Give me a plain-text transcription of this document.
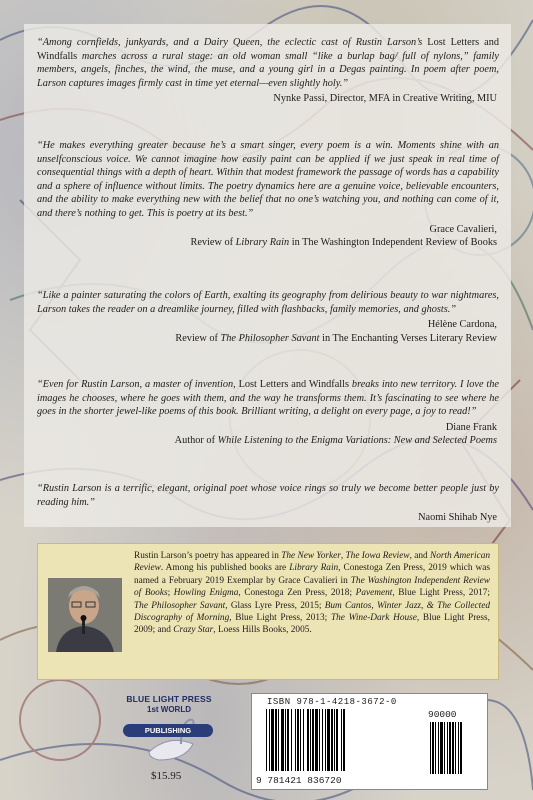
“Among cornfields, junkyards, and a Dairy Queen, the eclectic cast of Rustin Larson’s Lost Letters and Windfalls marches across a rural stage: an old woman small “like a burlap bag/ full of nylons,” family members, angels, finches, the wind, the muse, and a young girl in a Degas painting. In poem after poem, Larson captures images firmly cast in time yet eternal—even slightly holy.”

Nynke Passi, Director, MFA in Creative Writing, MIU

“He makes everything greater because he’s a smart singer, every poem is a win. Moments shine with an unselfconscious voice. We cannot imagine how easily paint can be applied if we just speak in real time of consequential things with a depth of heart. Within that modest framework the passage of words has a capability and a sphere of influence without limits. The poetry dynamics here are a genuine voice, believable encounters, and the ability to make everything new with the belief that no one’s watching you, and nothing can come of it, and there’s nothing to get. This is poetry at its best.”

Grace Cavalieri,
Review of Library Rain in The Washington Independent Review of Books

“Like a painter saturating the colors of Earth, exalting its geography from delirious beauty to war nightmares, Larson takes the reader on a dreamlike journey, filled with flashbacks, family memories, and ghosts.”

Hélène Cardona,
Review of The Philosopher Savant in The Enchanting Verses Literary Review

“Even for Rustin Larson, a master of invention, Lost Letters and Windfalls breaks into new territory. I love the images he chooses, where he goes with them, and the way he transforms them. It’s fascinating to see where he goes in the shorter jewel-like poems of this book. Brilliant writing, a delight on every page, a joy to read!”

Diane Frank
Author of While Listening to the Enigma Variations: New and Selected Poems

“Rustin Larson is a terrific, elegant, original poet whose voice rings so truly we become better people just by reading him.”

Naomi Shihab Nye

Rustin Larson’s poetry has appeared in The New Yorker, The Iowa Review, and North American Review. Among his published books are Library Rain, Conestoga Zen Press, 2019 which was named a February 2019 Exemplar by Grace Cavalieri in The Washington Independent Review of Books; Howling Enigma, Conestoga Zen Press, 2018; Pavement, Blue Light Press, 2017; The Philosopher Savant, Glass Lyre Press, 2015; Bum Cantos, Winter Jazz, & The Collected Discography of Morning, Blue Light Press, 2013; The Wine-Dark House, Blue Light Press, 2009; and Crazy Star, Loess Hills Books, 2005.
BLUE LIGHT PRESS
1st WORLD
PUBLISHING
$15.95
ISBN 978-1-4218-3672-0
9 781421 836720
90000
